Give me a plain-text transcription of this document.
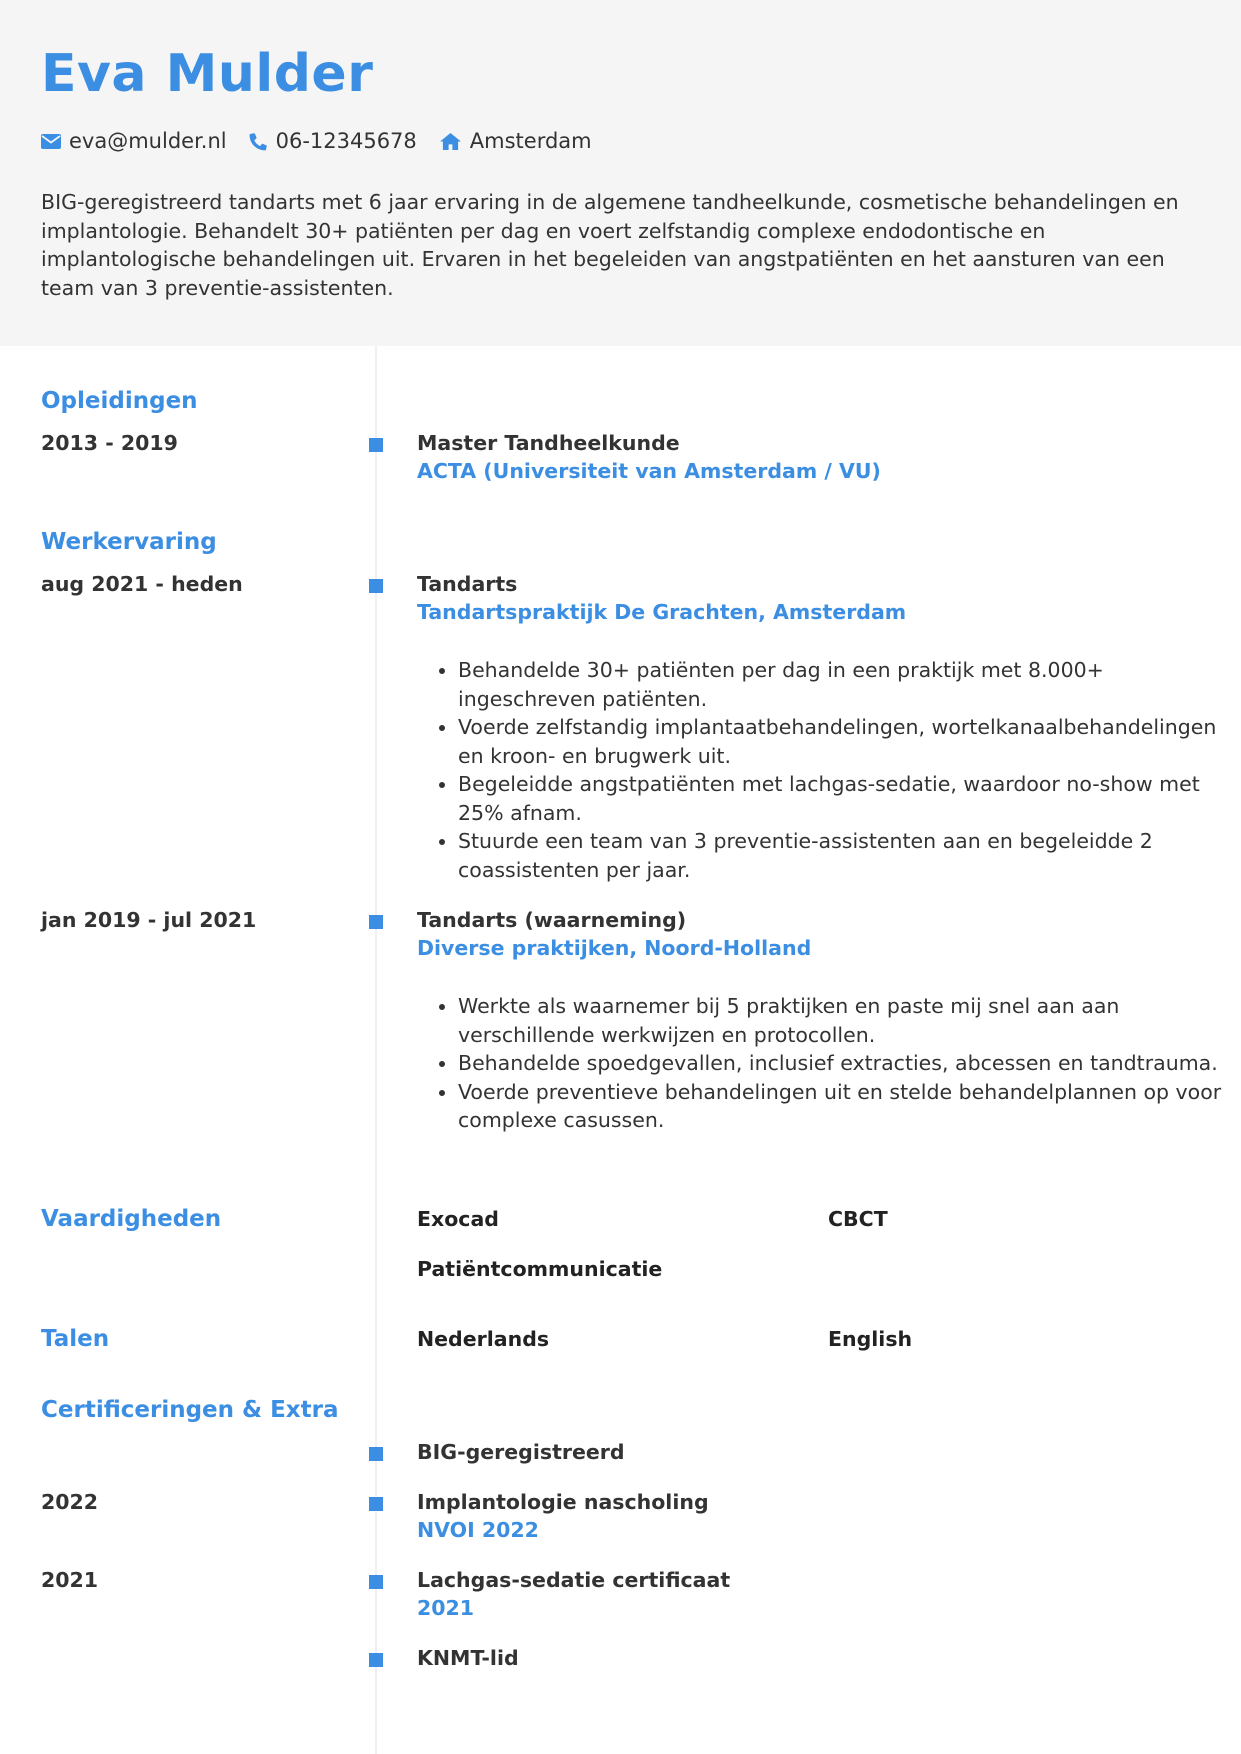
Eva Mulder
eva@mulder.nl 06-12345678	Amsterdam

BIG-geregistreerd tandarts met 6 jaar ervaring in de algemene tandheelkunde, cosmetische behandelingen en implantologie. Behandelt 30+ patiënten per dag en voert zelfstandig complexe endodontische en implantologische behandelingen uit. Ervaren in het begeleiden van angstpatiënten en het aansturen van een team van 3 preventie-assistenten.

Opleidingen
2013 - 2019	Master Tandheelkunde
ACTA (Universiteit van Amsterdam / VU)
Werkervaring
aug 2021 - heden	Tandarts
Tandartspraktijk De Grachten, Amsterdam
• Behandelde 30+ patiënten per dag in een praktijk met 8.000+ ingeschreven patiënten.
• Voerde zelfstandig implantaatbehandelingen, wortelkanaalbehandelingen en kroon- en brugwerk uit.
• Begeleidde angstpatiënten met lachgas-sedatie, waardoor no-show met 25% afnam.
• Stuurde een team van 3 preventie-assistenten aan en begeleidde 2 coassistenten per jaar.
jan 2019 - jul 2021	Tandarts (waarneming)
Diverse praktijken, Noord-Holland
• Werkte als waarnemer bij 5 praktijken en paste mij snel aan aan verschillende werkwijzen en protocollen.
• Behandelde spoedgevallen, inclusief extracties, abcessen en tandtrauma.
• Voerde preventieve behandelingen uit en stelde behandelplannen op voor complexe casussen.
Vaardigheden	Exocad	CBCT
Patiëntcommunicatie
Talen	Nederlands	English
Certificeringen & Extra
BIG-geregistreerd
2022	Implantologie nascholing
NVOI 2022
2021	Lachgas-sedatie certificaat
2021
KNMT-lid
